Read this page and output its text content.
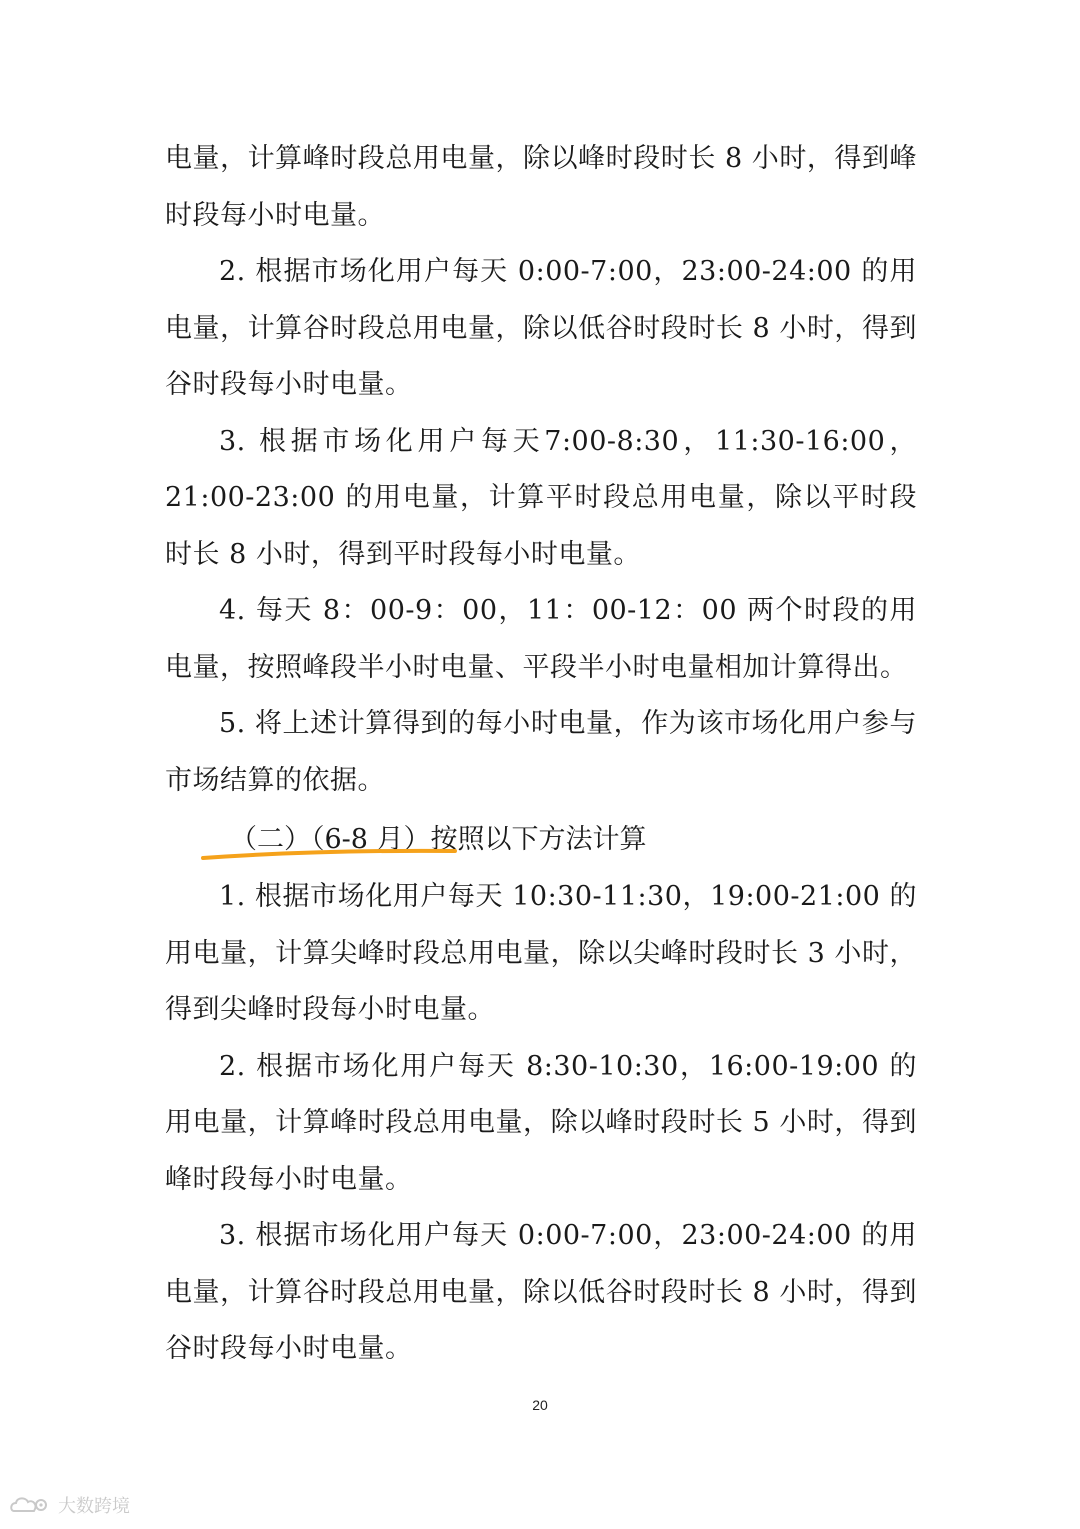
电量，计算峰时段总用电量，除以峰时段时长 8 小时，得到峰时段每小时电量。

2. 根据市场化用户每天 0:00-7:00，23:00-24:00 的用电量，计算谷时段总用电量，除以低谷时段时长 8 小时，得到谷时段每小时电量。

3. 根据市场化用户每天7:00-8:30，11:30-16:00，21:00-23:00 的用电量，计算平时段总用电量，除以平时段时长 8 小时，得到平时段每小时电量。

4. 每天 8：00-9：00，11：00-12：00 两个时段的用电量，按照峰段半小时电量、平段半小时电量相加计算得出。

5. 将上述计算得到的每小时电量，作为该市场化用户参与市场结算的依据。

（二）（6-8 月）按照以下方法计算

1. 根据市场化用户每天 10:30-11:30，19:00-21:00 的用电量，计算尖峰时段总用电量，除以尖峰时段时长 3 小时，得到尖峰时段每小时电量。

2. 根据市场化用户每天 8:30-10:30，16:00-19:00 的用电量，计算峰时段总用电量，除以峰时段时长 5 小时，得到峰时段每小时电量。

3. 根据市场化用户每天 0:00-7:00，23:00-24:00 的用电量，计算谷时段总用电量，除以低谷时段时长 8 小时，得到谷时段每小时电量。

20
大数跨境
